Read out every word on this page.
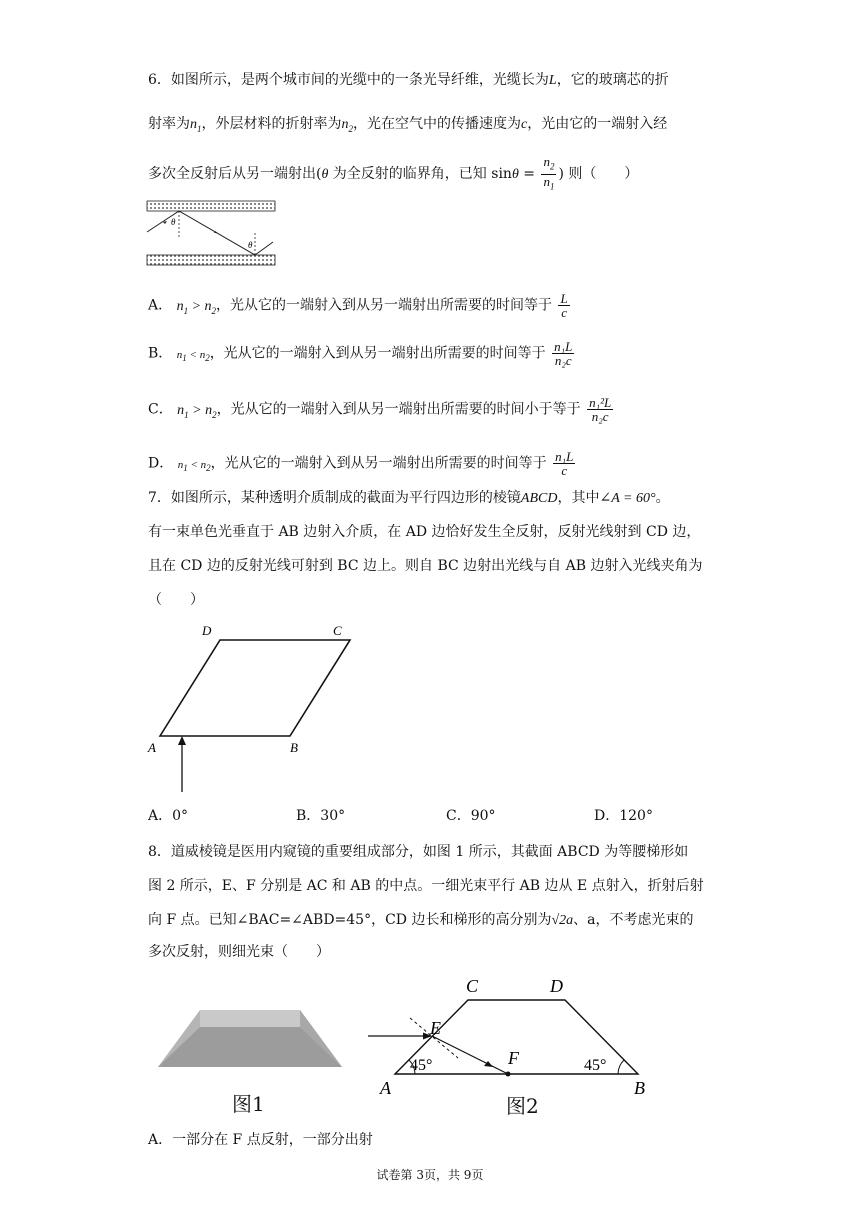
6．如图所示，是两个城市间的光缆中的一条光导纤维，光缆长为L，它的玻璃芯的折
射率为$n_1$，外层材料的折射率为$n_2$，光在空气中的传播速度为c，光由它的一端射入经
多次全反射后从另一端射出(θ 为全反射的临界角，已知 $\sin\theta = \frac{n_2}{n_1}$ ) 则（　　）
θ
θ
A． $n_1 > n_2$，光从它的一端射入到从另一端射出所需要的时间等于 $\frac{L}{c}$
B． $n_1 < n_2$，光从它的一端射入到从另一端射出所需要的时间等于 $\frac{\text{n₁L}}{\text{n₂c}}$
C． $n_1 > n_2$，光从它的一端射入到从另一端射出所需要的时间小于等于 $\frac{\text{n₁²L}}{\text{n₂c}}$
D． $n_1 < n_2$，光从它的一端射入到从另一端射出所需要的时间等于 $\frac{\text{n₁L}}{c}$
7．如图所示，某种透明介质制成的截面为平行四边形的棱镜ABCD，其中∠A = 60°。
有一束单色光垂直于 AB 边射入介质，在 AD 边恰好发生全反射，反射光线射到 CD 边，
且在 CD 边的反射光线可射到 BC 边上。则自 BC 边射出光线与自 AB 边射入光线夹角为
（　　）
A	B
C
D
A．0°	B．30°	C．90°	D．120°
8．道威棱镜是医用内窥镜的重要组成部分，如图 1 所示，其截面 ABCD 为等腰梯形如
图 2 所示，E、F 分别是 AC 和 AB 的中点。一细光束平行 AB 边从 E 点射入，折射后射
向 F 点。已知∠BAC=∠ABD=45°，CD 边长和梯形的高分别为√2a、a，不考虑光束的
多次反射，则细光束（　　）
图1
A	B
C	D
E
F
45°	45°
图2
A．一部分在 F 点反射，一部分出射
试卷第 3页，共 9页
